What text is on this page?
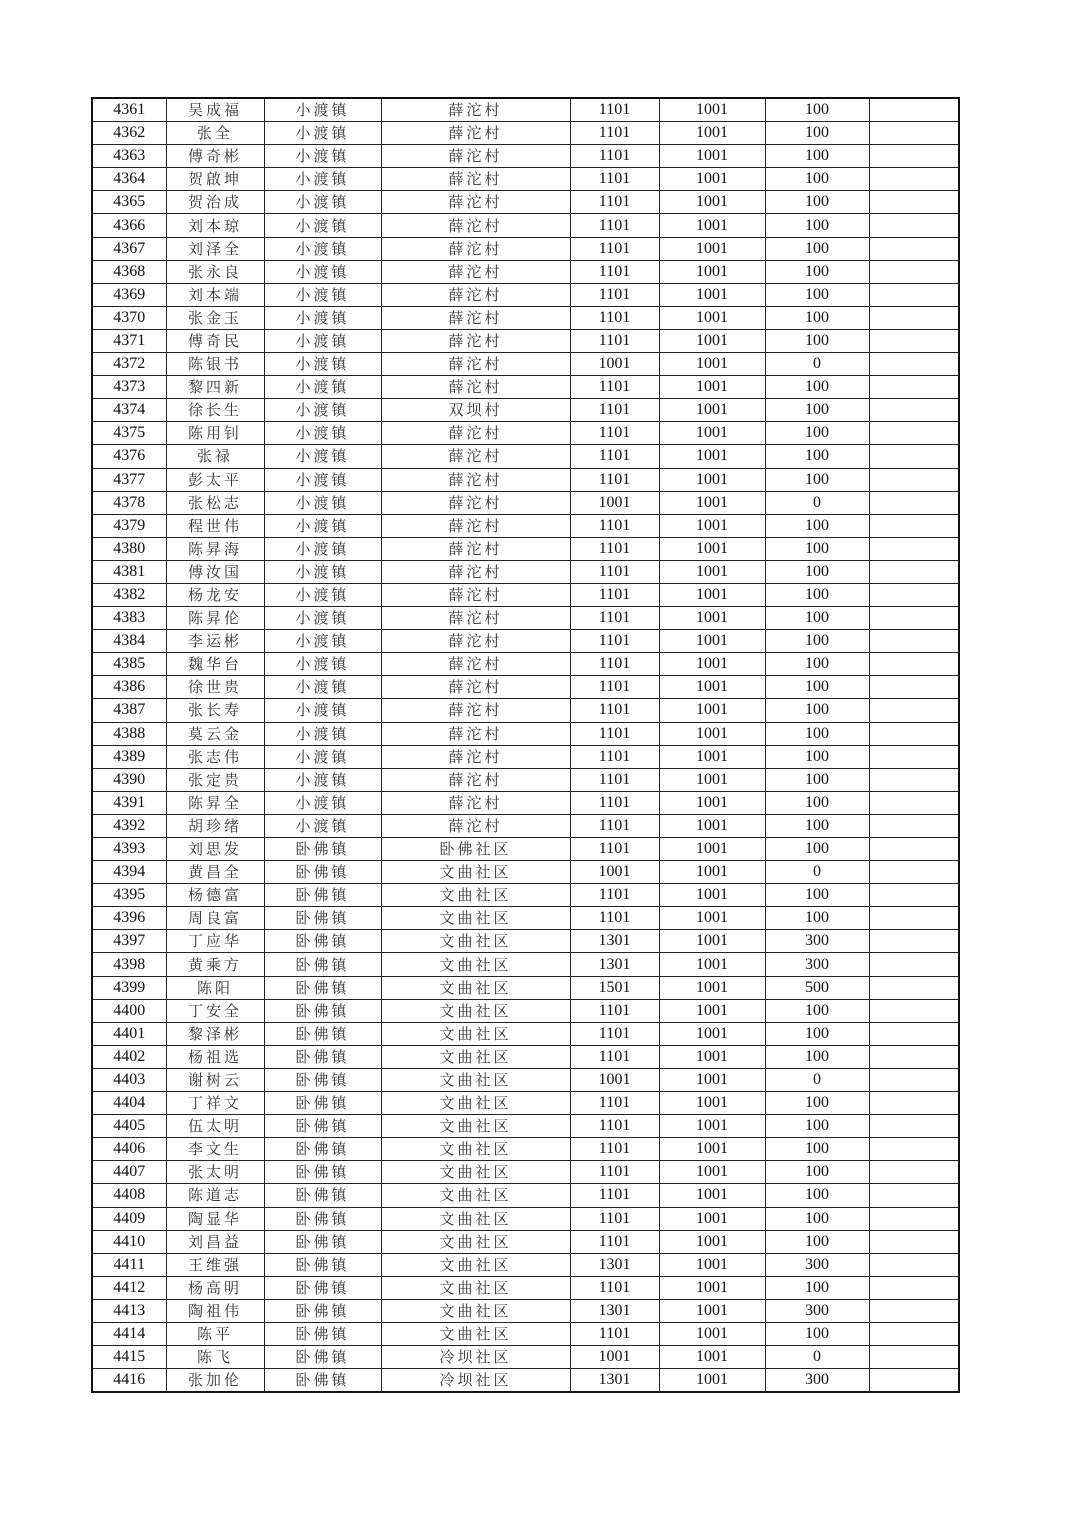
4361	吴成福	小渡镇	薛沱村	1101	1001	100	
4362	张全	小渡镇	薛沱村	1101	1001	100	
4363	傅奇彬	小渡镇	薛沱村	1101	1001	100	
4364	贺啟坤	小渡镇	薛沱村	1101	1001	100	
4365	贺治成	小渡镇	薛沱村	1101	1001	100	
4366	刘本琼	小渡镇	薛沱村	1101	1001	100	
4367	刘泽全	小渡镇	薛沱村	1101	1001	100	
4368	张永良	小渡镇	薛沱村	1101	1001	100	
4369	刘本端	小渡镇	薛沱村	1101	1001	100	
4370	张金玉	小渡镇	薛沱村	1101	1001	100	
4371	傅奇民	小渡镇	薛沱村	1101	1001	100	
4372	陈银书	小渡镇	薛沱村	1001	1001	0	
4373	黎四新	小渡镇	薛沱村	1101	1001	100	
4374	徐长生	小渡镇	双坝村	1101	1001	100	
4375	陈用钊	小渡镇	薛沱村	1101	1001	100	
4376	张禄	小渡镇	薛沱村	1101	1001	100	
4377	彭太平	小渡镇	薛沱村	1101	1001	100	
4378	张松志	小渡镇	薛沱村	1001	1001	0	
4379	程世伟	小渡镇	薛沱村	1101	1001	100	
4380	陈昇海	小渡镇	薛沱村	1101	1001	100	
4381	傅汝国	小渡镇	薛沱村	1101	1001	100	
4382	杨龙安	小渡镇	薛沱村	1101	1001	100	
4383	陈昇伦	小渡镇	薛沱村	1101	1001	100	
4384	李运彬	小渡镇	薛沱村	1101	1001	100	
4385	魏华台	小渡镇	薛沱村	1101	1001	100	
4386	徐世贵	小渡镇	薛沱村	1101	1001	100	
4387	张长寿	小渡镇	薛沱村	1101	1001	100	
4388	莫云金	小渡镇	薛沱村	1101	1001	100	
4389	张志伟	小渡镇	薛沱村	1101	1001	100	
4390	张定贵	小渡镇	薛沱村	1101	1001	100	
4391	陈昇全	小渡镇	薛沱村	1101	1001	100	
4392	胡珍绪	小渡镇	薛沱村	1101	1001	100	
4393	刘思发	卧佛镇	卧佛社区	1101	1001	100	
4394	黄昌全	卧佛镇	文曲社区	1001	1001	0	
4395	杨德富	卧佛镇	文曲社区	1101	1001	100	
4396	周良富	卧佛镇	文曲社区	1101	1001	100	
4397	丁应华	卧佛镇	文曲社区	1301	1001	300	
4398	黄乘方	卧佛镇	文曲社区	1301	1001	300	
4399	陈阳	卧佛镇	文曲社区	1501	1001	500	
4400	丁安全	卧佛镇	文曲社区	1101	1001	100	
4401	黎泽彬	卧佛镇	文曲社区	1101	1001	100	
4402	杨祖选	卧佛镇	文曲社区	1101	1001	100	
4403	谢树云	卧佛镇	文曲社区	1001	1001	0	
4404	丁祥文	卧佛镇	文曲社区	1101	1001	100	
4405	伍太明	卧佛镇	文曲社区	1101	1001	100	
4406	李文生	卧佛镇	文曲社区	1101	1001	100	
4407	张太明	卧佛镇	文曲社区	1101	1001	100	
4408	陈道志	卧佛镇	文曲社区	1101	1001	100	
4409	陶显华	卧佛镇	文曲社区	1101	1001	100	
4410	刘昌益	卧佛镇	文曲社区	1101	1001	100	
4411	王维强	卧佛镇	文曲社区	1301	1001	300	
4412	杨高明	卧佛镇	文曲社区	1101	1001	100	
4413	陶祖伟	卧佛镇	文曲社区	1301	1001	300	
4414	陈平	卧佛镇	文曲社区	1101	1001	100	
4415	陈飞	卧佛镇	冷坝社区	1001	1001	0	
4416	张加伦	卧佛镇	冷坝社区	1301	1001	300	
